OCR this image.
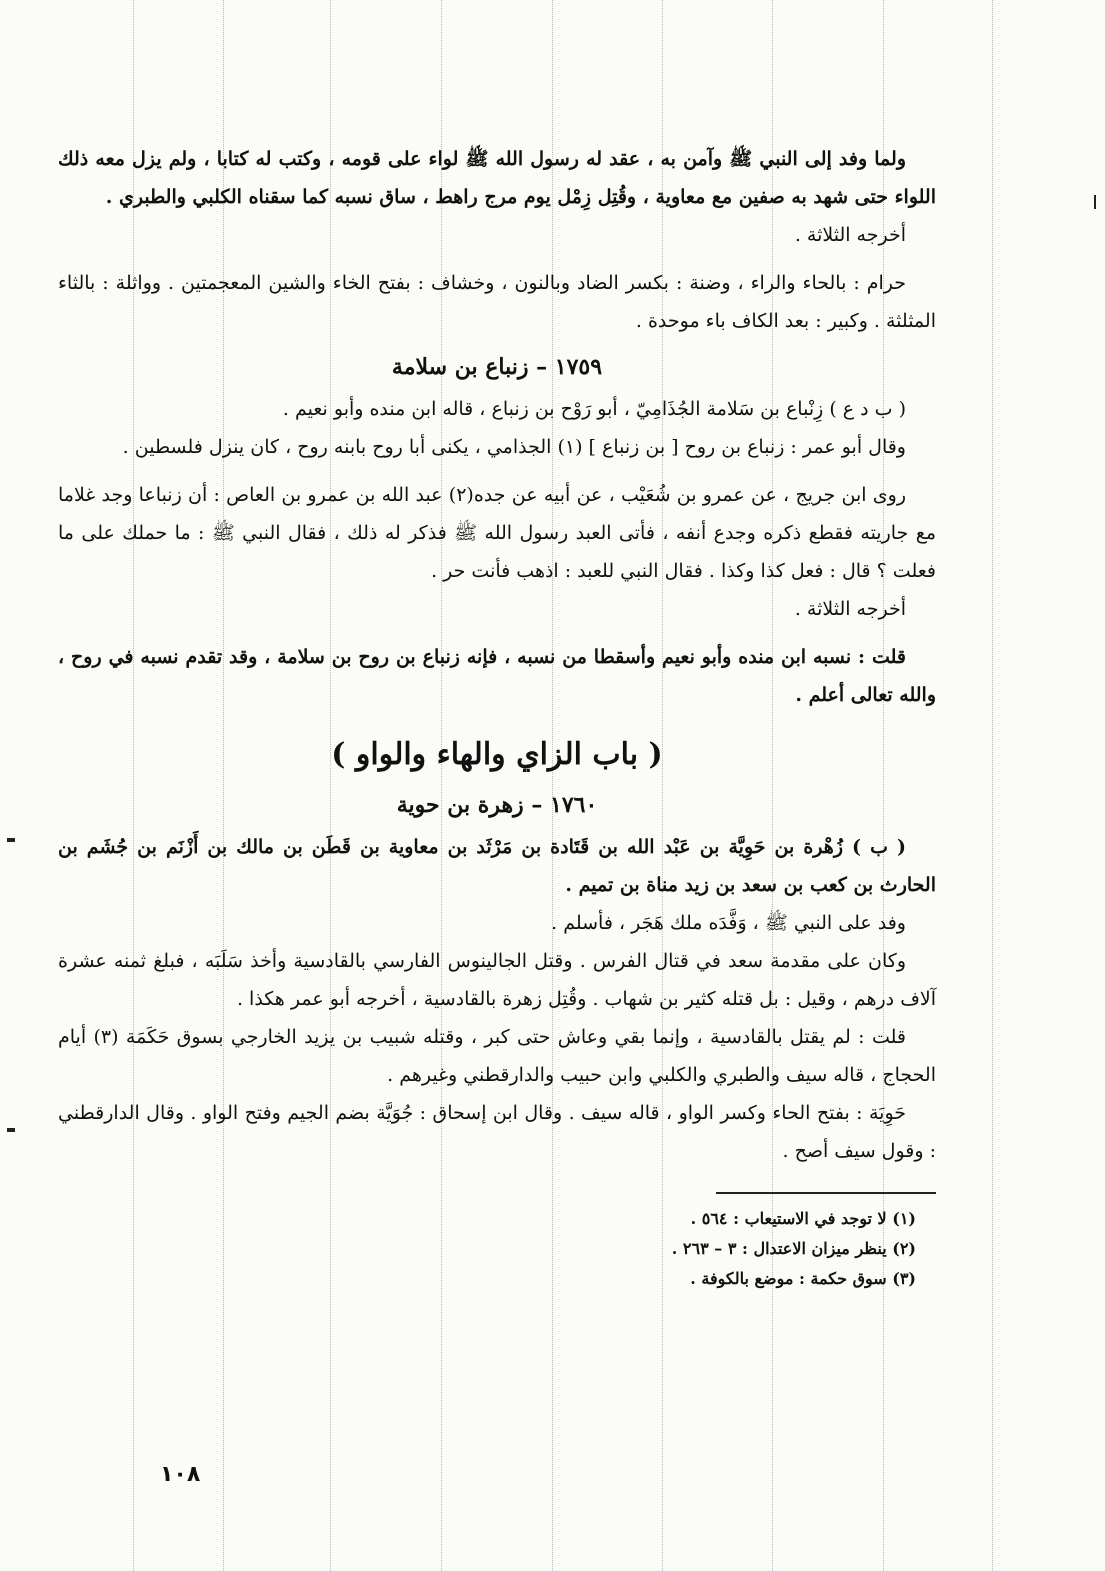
ولما وفد إلى النبي ﷺ وآمن به ، عقد له رسول الله ﷺ لواء على قومه ، وكتب له كتابا ، ولم يزل معه ذلك اللواء حتى شهد به صفين مع معاوية ، وقُتِل زِمْل يوم مرج راهط ، ساق نسبه كما سقناه الكلبي والطبري .

أخرجه الثلاثة .

حرام : بالحاء والراء ، وضنة : بكسر الضاد وبالنون ، وخشاف : بفتح الخاء والشين المعجمتين . وواثلة : بالثاء المثلثة . وكبير : بعد الكاف باء موحدة .

١٧٥٩ – زنباع بن سلامة

( ب د ع ) زِنْباع بن سَلامة الجُذَامِيّ ، أبو رَوْح بن زنباع ، قاله ابن منده وأبو نعيم .

وقال أبو عمر : زنباع بن روح [ بن زنباع ] (١) الجذامي ، يكنى أبا روح بابنه روح ، كان ينزل فلسطين .

روى ابن جريج ، عن عمرو بن شُعَيْب ، عن أبيه عن جده(٢) عبد الله بن عمرو بن العاص : أن زنباعا وجد غلاما مع جاريته فقطع ذكره وجدع أنفه ، فأتى العبد رسول الله ﷺ فذكر له ذلك ، فقال النبي ﷺ : ما حملك على ما فعلت ؟ قال : فعل كذا وكذا . فقال النبي للعبد : اذهب فأنت حر .

أخرجه الثلاثة .

قلت : نسبه ابن منده وأبو نعيم وأسقطا من نسبه ، فإنه زنباع بن روح بن سلامة ، وقد تقدم نسبه في روح ، والله تعالى أعلم .

( باب الزاي والهاء والواو )
١٧٦٠ – زهرة بن حوية

( ب ) زُهْرة بن حَوِيَّة بن عَبْد الله بن قَتَادة بن مَرْثَد بن معاوية بن قَطَن بن مالك بن أَزْنَم بن جُشَم بن الحارث بن كعب بن سعد بن زيد مناة بن تميم .

وفد على النبي ﷺ ، وَفَّدَه ملك هَجَر ، فأسلم .

وكان على مقدمة سعد في قتال الفرس . وقتل الجالينوس الفارسي بالقادسية وأخذ سَلَبَه ، فبلغ ثمنه عشرة آلاف درهم ، وقيل : بل قتله كثير بن شهاب . وقُتِل زهرة بالقادسية ، أخرجه أبو عمر هكذا .

قلت : لم يقتل بالقادسية ، وإنما بقي وعاش حتى كبر ، وقتله شبيب بن يزيد الخارجي بسوق حَكَمَة (٣) أيام الحجاج ، قاله سيف والطبري والكلبي وابن حبيب والدارقطني وغيرهم .

حَوِيَة : بفتح الحاء وكسر الواو ، قاله سيف . وقال ابن إسحاق : جُوَيَّة بضم الجيم وفتح الواو . وقال الدارقطني : وقول سيف أصح .

(١) لا توجد في الاستيعاب : ٥٦٤ .

(٢) ينظر ميزان الاعتدال : ٣ – ٢٦٣ .

(٣) سوق حكمة : موضع بالكوفة .

١٠٨
